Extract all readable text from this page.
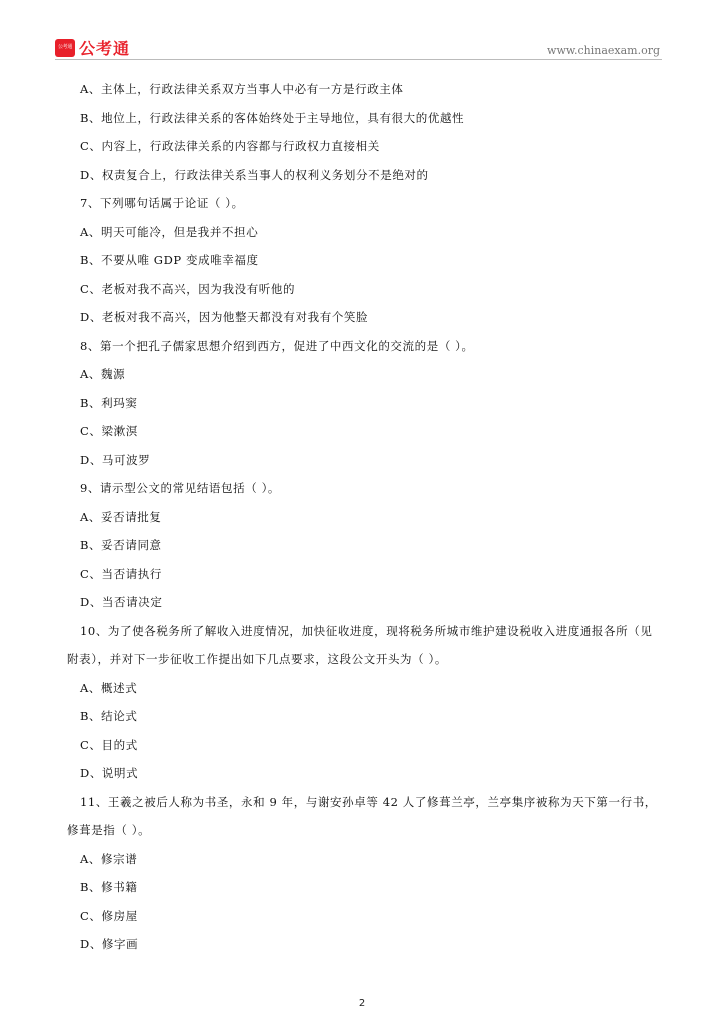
公考通 公考通	www.chinaexam.org
A、主体上，行政法律关系双方当事人中必有一方是行政主体
B、地位上，行政法律关系的客体始终处于主导地位，具有很大的优越性
C、内容上，行政法律关系的内容都与行政权力直接相关
D、权责复合上，行政法律关系当事人的权利义务划分不是绝对的
7、下列哪句话属于论证（ ）。
A、明天可能冷，但是我并不担心
B、不要从唯 GDP 变成唯幸福度
C、老板对我不高兴，因为我没有听他的
D、老板对我不高兴，因为他整天都没有对我有个笑脸
8、第一个把孔子儒家思想介绍到西方，促进了中西文化的交流的是（ ）。
A、魏源
B、利玛窦
C、梁漱溟
D、马可波罗
9、请示型公文的常见结语包括（ ）。
A、妥否请批复
B、妥否请同意
C、当否请执行
D、当否请决定
10、为了使各税务所了解收入进度情况，加快征收进度，现将税务所城市维护建设税收入进度通报各所（见
附表），并对下一步征收工作提出如下几点要求，这段公文开头为（ ）。
A、概述式
B、结论式
C、目的式
D、说明式
11、王羲之被后人称为书圣，永和 9 年，与谢安孙卓等 42 人了修葺兰亭，兰亭集序被称为天下第一行书，
修葺是指（ ）。
A、修宗谱
B、修书籍
C、修房屋
D、修字画
2
